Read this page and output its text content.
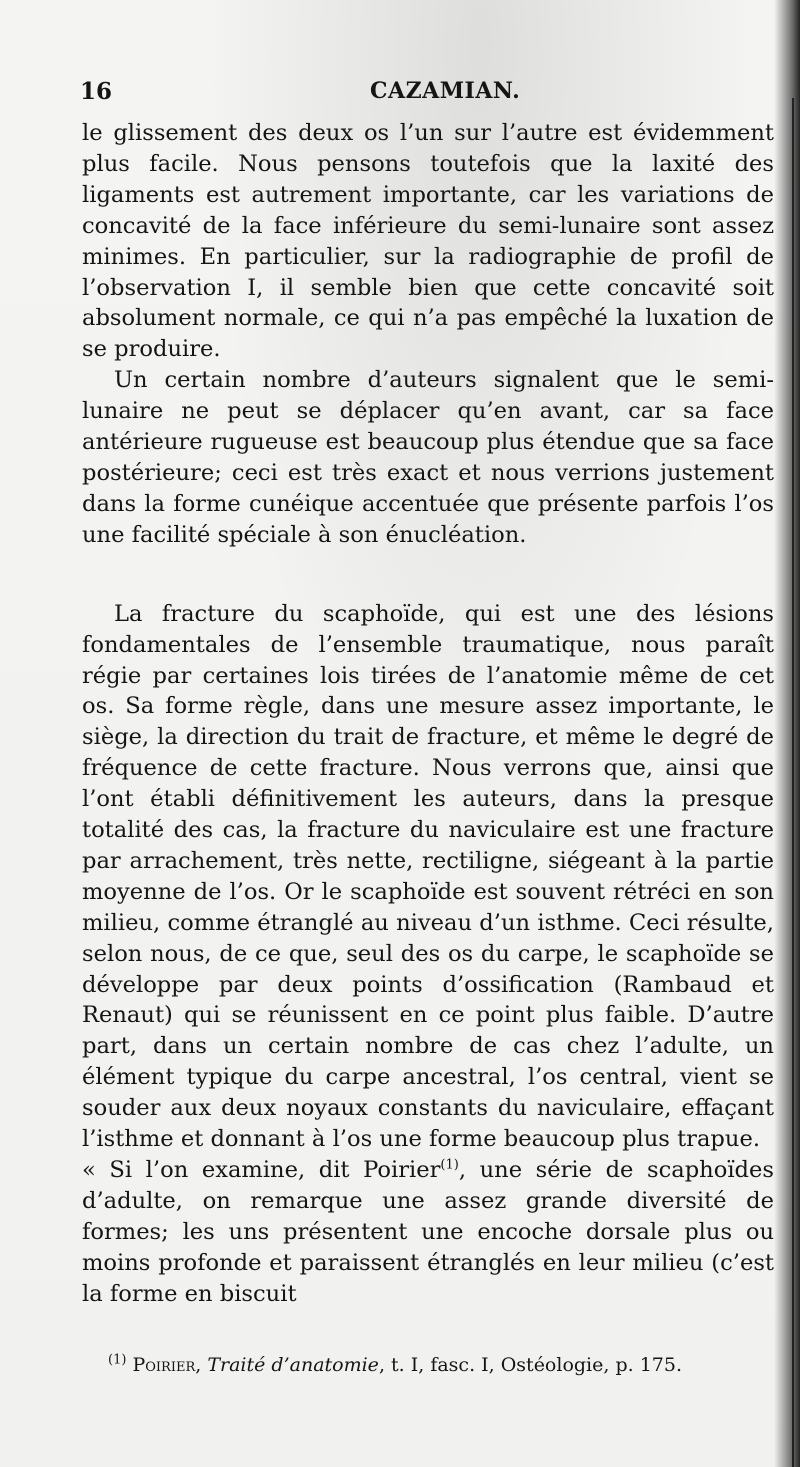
16	CAZAMIAN.

le glissement des deux os l’un sur l’autre est évidemment plus facile. Nous pensons toutefois que la laxité des ligaments est autrement importante, car les variations de concavité de la face inférieure du semi-lunaire sont assez minimes. En particulier, sur la radiographie de profil de l’observation I, il semble bien que cette concavité soit absolument normale, ce qui n’a pas empêché la luxation de se produire.

Un certain nombre d’auteurs signalent que le semi-lunaire ne peut se déplacer qu’en avant, car sa face antérieure rugueuse est beaucoup plus étendue que sa face postérieure; ceci est très exact et nous verrions justement dans la forme cunéique accentuée que présente parfois l’os une facilité spéciale à son énucléation.

La fracture du scaphoïde, qui est une des lésions fondamentales de l’ensemble traumatique, nous paraît régie par certaines lois tirées de l’anatomie même de cet os. Sa forme règle, dans une mesure assez importante, le siège, la direction du trait de fracture, et même le degré de fréquence de cette fracture. Nous verrons que, ainsi que l’ont établi définitivement les auteurs, dans la presque totalité des cas, la fracture du naviculaire est une fracture par arrachement, très nette, rectiligne, siégeant à la partie moyenne de l’os. Or le scaphoïde est souvent rétréci en son milieu, comme étranglé au niveau d’un isthme. Ceci résulte, selon nous, de ce que, seul des os du carpe, le scaphoïde se développe par deux points d’ossification (Rambaud et Renaut) qui se réunissent en ce point plus faible. D’autre part, dans un certain nombre de cas chez l’adulte, un élément typique du carpe ancestral, l’os central, vient se souder aux deux noyaux constants du naviculaire, effaçant l’isthme et donnant à l’os une forme beaucoup plus trapue.

« Si l’on examine, dit Poirier$^{(1)}$, une série de scaphoïdes d’adulte, on remarque une assez grande diversité de formes; les uns présentent une encoche dorsale plus ou moins profonde et paraissent étranglés en leur milieu (c’est la forme en biscuit

$^{(1)}$ Poirier, Traité d’anatomie, t. I, fasc. I, Ostéologie, p. 175.
